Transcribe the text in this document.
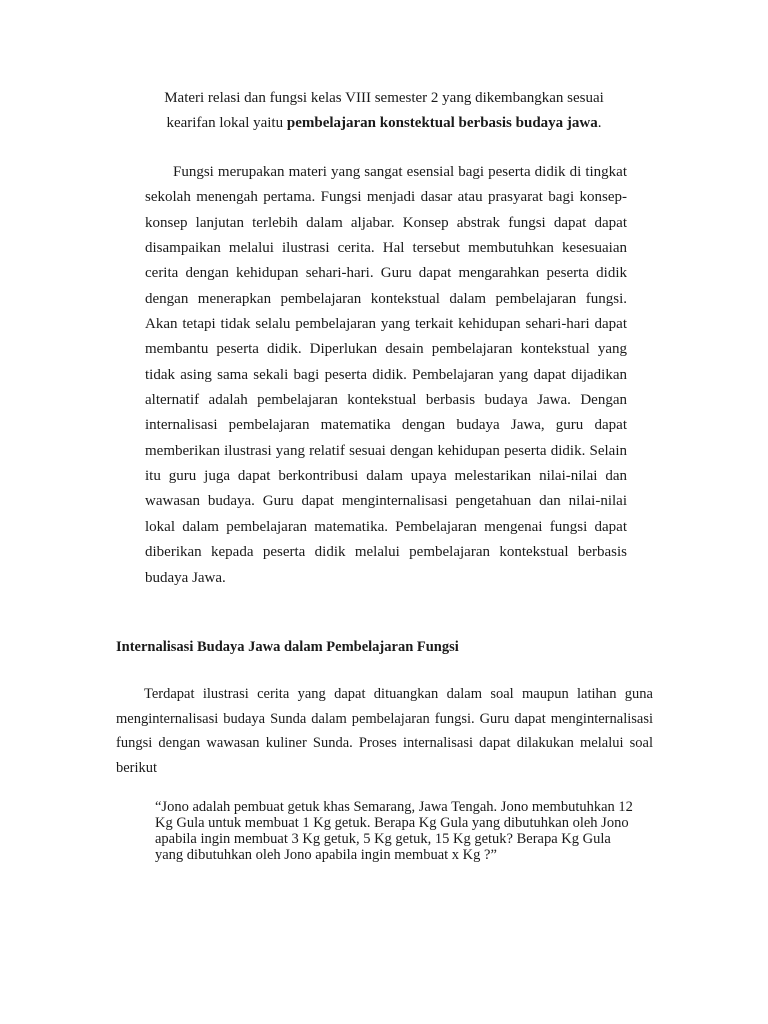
Materi relasi dan fungsi kelas VIII semester 2 yang dikembangkan sesuai
kearifan lokal yaitu pembelajaran konstektual berbasis budaya jawa.

Fungsi merupakan materi yang sangat esensial bagi peserta didik di tingkat sekolah menengah pertama. Fungsi menjadi dasar atau prasyarat bagi konsep-konsep lanjutan terlebih dalam aljabar. Konsep abstrak fungsi dapat dapat disampaikan melalui ilustrasi cerita. Hal tersebut membutuhkan kesesuaian cerita dengan kehidupan sehari-hari. Guru dapat mengarahkan peserta didik dengan menerapkan pembelajaran kontekstual dalam pembelajaran fungsi. Akan tetapi tidak selalu pembelajaran yang terkait kehidupan sehari-hari dapat membantu peserta didik. Diperlukan desain pembelajaran kontekstual yang tidak asing sama sekali bagi peserta didik. Pembelajaran yang dapat dijadikan alternatif adalah pembelajaran kontekstual berbasis budaya Jawa. Dengan internalisasi pembelajaran matematika dengan budaya Jawa, guru dapat memberikan ilustrasi yang relatif sesuai dengan kehidupan peserta didik. Selain itu guru juga dapat berkontribusi dalam upaya melestarikan nilai-nilai dan wawasan budaya. Guru dapat menginternalisasi pengetahuan dan nilai-nilai lokal dalam pembelajaran matematika. Pembelajaran mengenai fungsi dapat diberikan kepada peserta didik melalui pembelajaran kontekstual berbasis budaya Jawa.

Internalisasi Budaya Jawa dalam Pembelajaran Fungsi

Terdapat ilustrasi cerita yang dapat dituangkan dalam soal maupun latihan guna menginternalisasi budaya Sunda dalam pembelajaran fungsi. Guru dapat menginternalisasi fungsi dengan wawasan kuliner Sunda. Proses internalisasi dapat dilakukan melalui soal berikut

“Jono adalah pembuat getuk khas Semarang, Jawa Tengah. Jono membutuhkan 12 Kg Gula untuk membuat 1 Kg getuk. Berapa Kg Gula yang dibutuhkan oleh Jono apabila ingin membuat 3 Kg getuk, 5 Kg getuk, 15 Kg getuk? Berapa Kg Gula yang dibutuhkan oleh Jono apabila ingin membuat x Kg ?”
